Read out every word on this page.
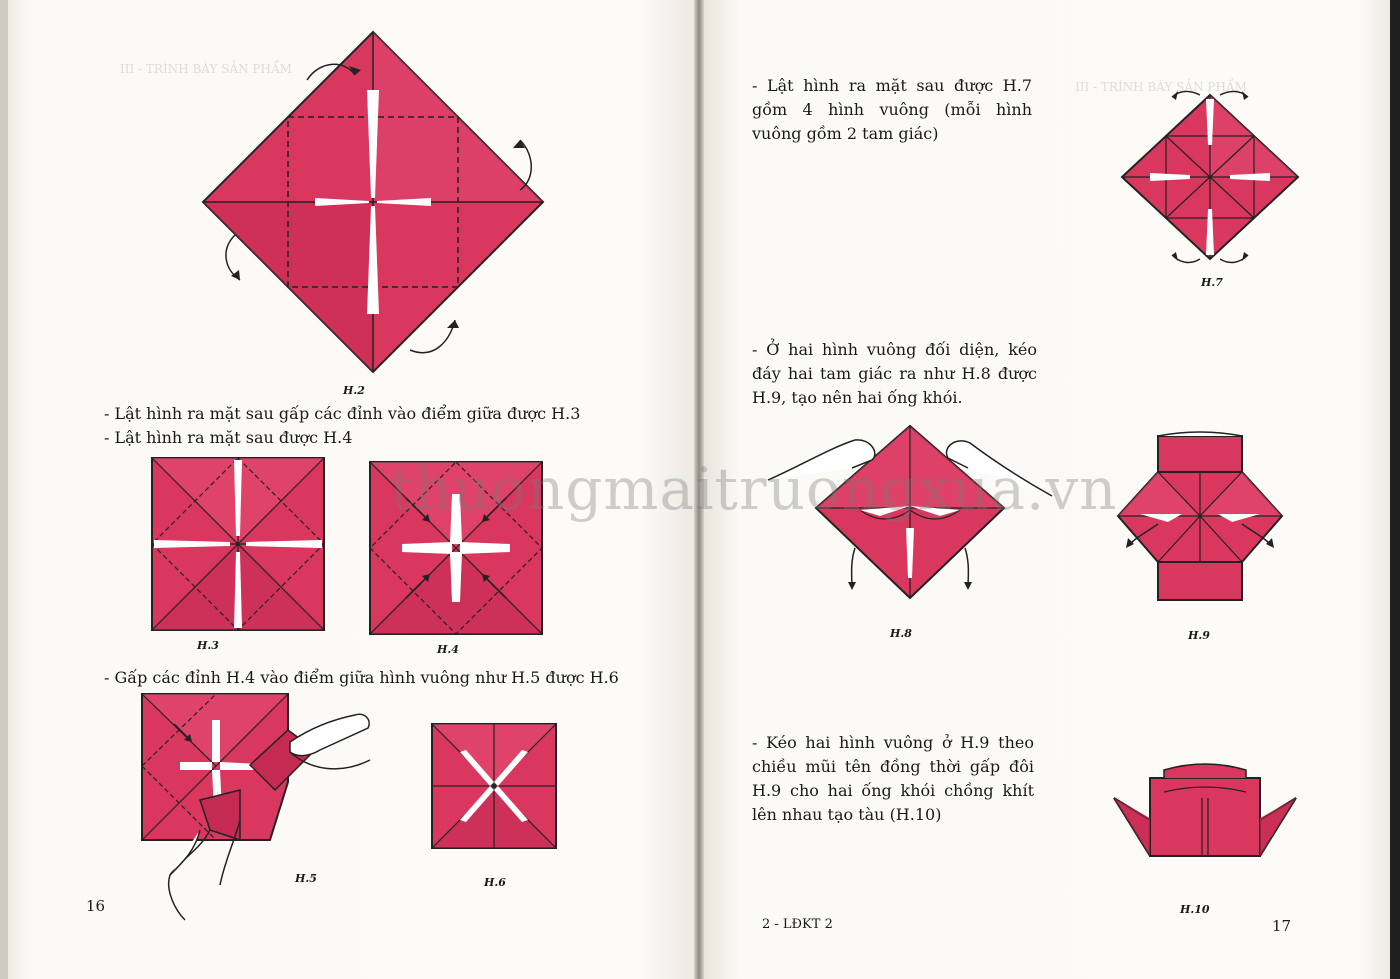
III - TRÌNH BÀY SẢN PHẨM
III - TRÌNH BÀY SẢN PHẨM
H.2
- Lật hình ra mặt sau gấp các đỉnh vào điểm giữa được H.3
- Lật hình ra mặt sau được H.4
H.3	H.4
- Gấp các đỉnh H.4 vào điểm giữa hình vuông như H.5 được H.6
H.5	H.6
16
- Lật hình ra mặt sau được H.7 gồm 4 hình vuông (mỗi hình vuông gồm 2 tam giác)
H.7
- Ở hai hình vuông đối diện, kéo đáy hai tam giác ra như H.8 được H.9, tạo nên hai ống khói.
H.8	H.9
- Kéo hai hình vuông ở H.9 theo chiều mũi tên đồng thời gấp đôi H.9 cho hai ống khói chồng khít lên nhau tạo tàu (H.10)
H.10
2 - LĐKT 2	17
thuongmaitruongxua.vn
